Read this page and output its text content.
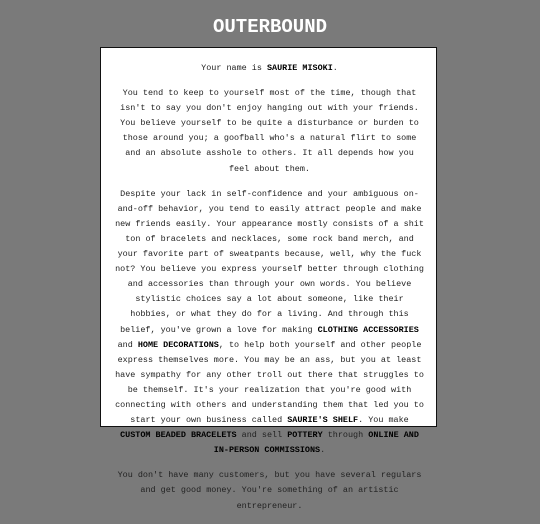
OUTERBOUND

Your name is SAURIE MISOKI.

You tend to keep to yourself most of the time, though that isn't to say you don't enjoy hanging out with your friends. You believe yourself to be quite a disturbance or burden to those around you; a goofball who's a natural flirt to some and an absolute asshole to others. It all depends how you feel about them.

Despite your lack in self-confidence and your ambiguous on-and-off behavior, you tend to easily attract people and make new friends easily. Your appearance mostly consists of a shit ton of bracelets and necklaces, some rock band merch, and your favorite part of sweatpants because, well, why the fuck not? You believe you express yourself better through clothing and accessories than through your own words. You believe stylistic choices say a lot about someone, like their hobbies, or what they do for a living. And through this belief, you've grown a love for making CLOTHING ACCESSORIES and HOME DECORATIONS, to help both yourself and other people express themselves more. You may be an ass, but you at least have sympathy for any other troll out there that struggles to be themself. It's your realization that you're good with connecting with others and understanding them that led you to start your own business called SAURIE'S SHELF. You make CUSTOM BEADED BRACELETS and sell POTTERY through ONLINE AND IN-PERSON COMMISSIONS.

You don't have many customers, but you have several regulars and get good money. You're something of an artistic entrepreneur.
